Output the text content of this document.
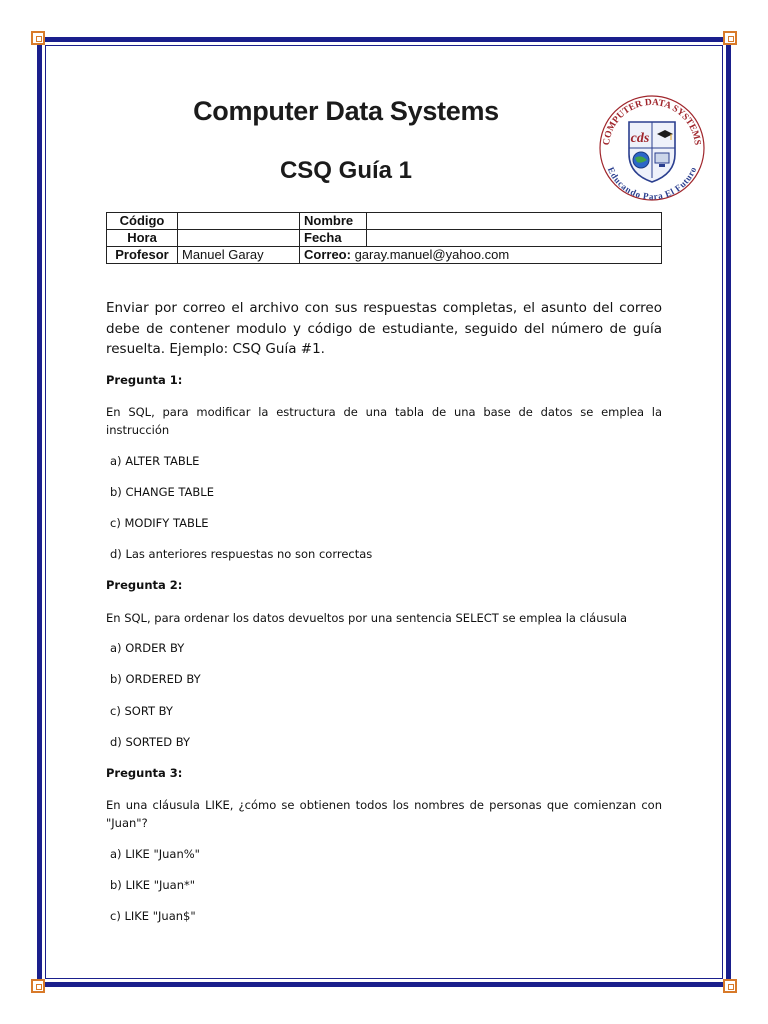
Computer Data Systems
CSQ Guía 1
COMPUTER DATA SYSTEMS
Educando Para El Futuro
cds
Código		Nombre	
Hora		Fecha	
Profesor	Manuel Garay	Correo: garay.manuel@yahoo.com	
Enviar por correo el archivo con sus respuestas completas, el asunto del correo debe de contener modulo y código de estudiante, seguido del número de guía resuelta. Ejemplo: CSQ Guía #1.
Pregunta 1:
En SQL, para modificar la estructura de una tabla de una base de datos se emplea la instrucción
a) ALTER TABLE
b) CHANGE TABLE
c) MODIFY TABLE
d) Las anteriores respuestas no son correctas
Pregunta 2:
En SQL, para ordenar los datos devueltos por una sentencia SELECT se emplea la cláusula
a) ORDER BY
b) ORDERED BY
c) SORT BY
d) SORTED BY
Pregunta 3:
En una cláusula LIKE, ¿cómo se obtienen todos los nombres de personas que comienzan con "Juan"?
a) LIKE "Juan%"
b) LIKE "Juan*"
c) LIKE "Juan$"
